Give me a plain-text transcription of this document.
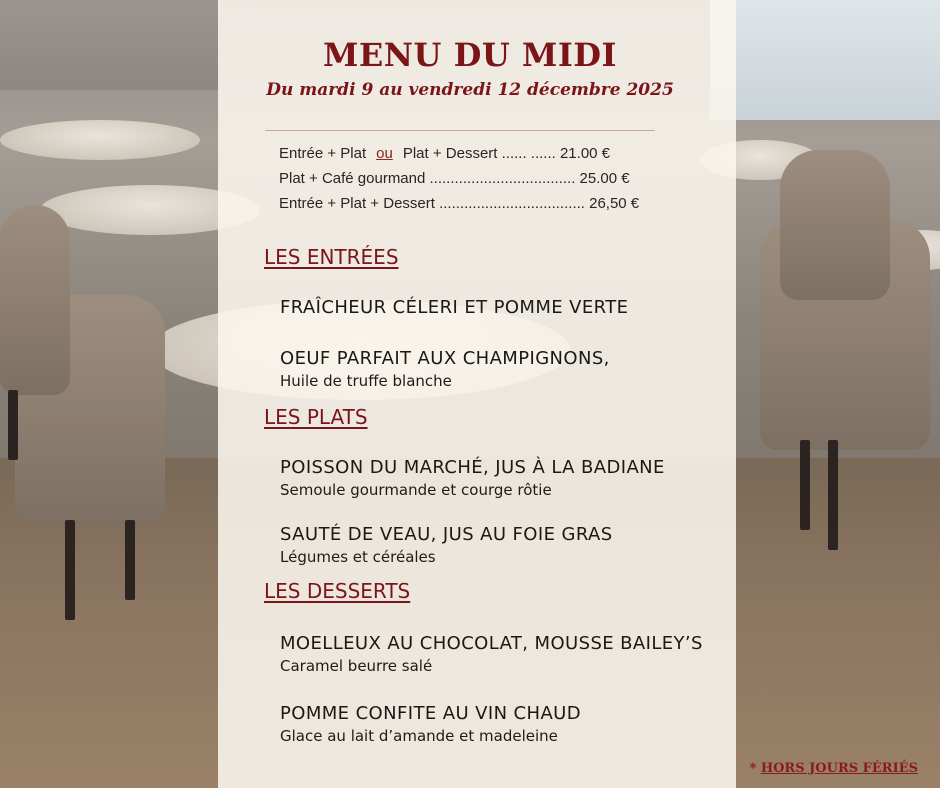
MENU DU MIDI
Du mardi 9 au vendredi 12 décembre 2025
Entrée + Plat ou Plat + Dessert ...... ...... 21.00 €
Plat + Café gourmand ................................... 25.00 €
Entrée + Plat + Dessert ................................... 26,50 €
LES ENTRÉES
FRAÎCHEUR CÉLERI ET POMME VERTE
OEUF PARFAIT AUX CHAMPIGNONS,
Huile de truffe blanche
LES PLATS
POISSON DU MARCHÉ, JUS À LA BADIANE
Semoule gourmande et courge rôtie
SAUTÉ DE VEAU, JUS AU FOIE GRAS
Légumes et céréales
LES DESSERTS
MOELLEUX AU CHOCOLAT, MOUSSE BAILEY’S
Caramel beurre salé
POMME CONFITE AU VIN CHAUD
Glace au lait d’amande et madeleine
* HORS JOURS FÉRIÉS
